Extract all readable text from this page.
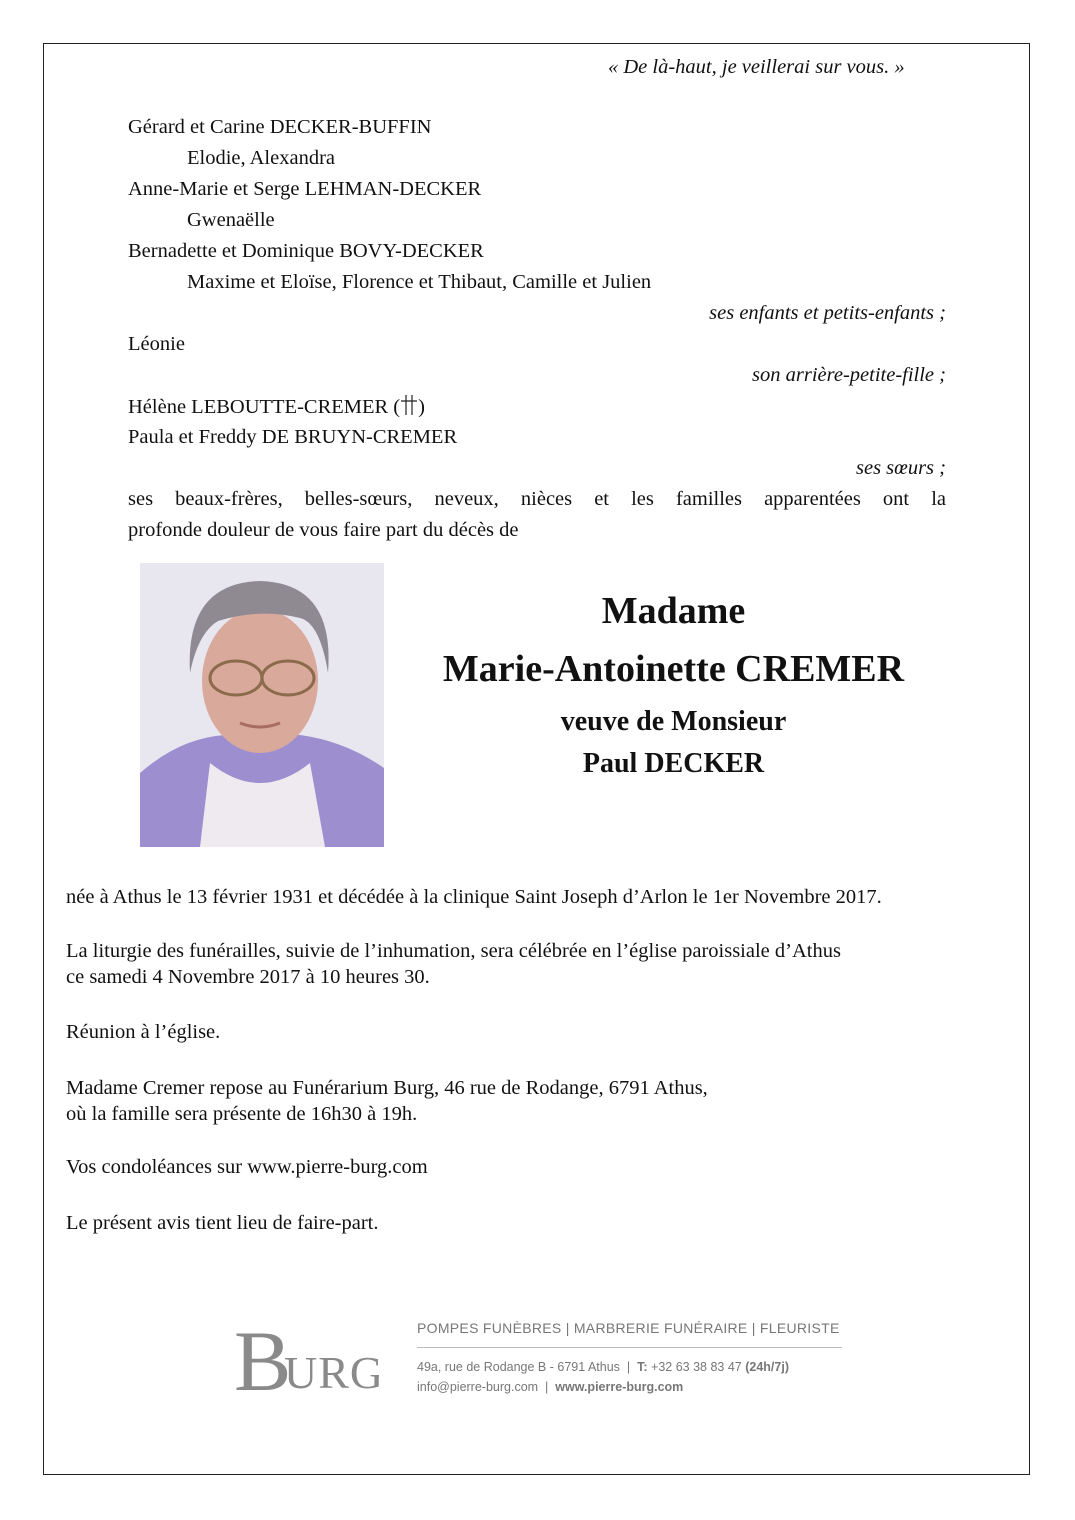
« De là-haut, je veillerai sur vous. »
Gérard et Carine DECKER-BUFFIN
Elodie, Alexandra
Anne-Marie et Serge LEHMAN-DECKER
Gwenaëlle
Bernadette et Dominique BOVY-DECKER
Maxime et Eloïse, Florence et Thibaut, Camille et Julien
ses enfants et petits-enfants ;
Léonie
son arrière-petite-fille ;
Hélène LEBOUTTE-CREMER ( )
Paula et Freddy DE BRUYN-CREMER
ses sœurs ;
ses beaux-frères, belles-sœurs, neveux, nièces et les familles apparentées ont la
profonde douleur de vous faire part du décès de
Madame
Marie-Antoinette CREMER
veuve de Monsieur
Paul DECKER
née à Athus le 13 février 1931 et décédée à la clinique Saint Joseph d’Arlon le 1er Novembre 2017.
La liturgie des funérailles, suivie de l’inhumation, sera célébrée en l’église paroissiale d’Athus
ce samedi 4 Novembre 2017 à 10 heures 30.
Réunion à l’église.
Madame Cremer repose au Funérarium Burg, 46 rue de Rodange, 6791 Athus,
où la famille sera présente de 16h30 à 19h.
Vos condoléances sur www.pierre-burg.com
Le présent avis tient lieu de faire-part.
B
URG
POMPES FUNÈBRES | MARBRERIE FUNÉRAIRE | FLEURISTE
49a, rue de Rodange B - 6791 Athus  |  T: +32 63 38 83 47 (24h/7j)
info@pierre-burg.com  |  www.pierre-burg.com
